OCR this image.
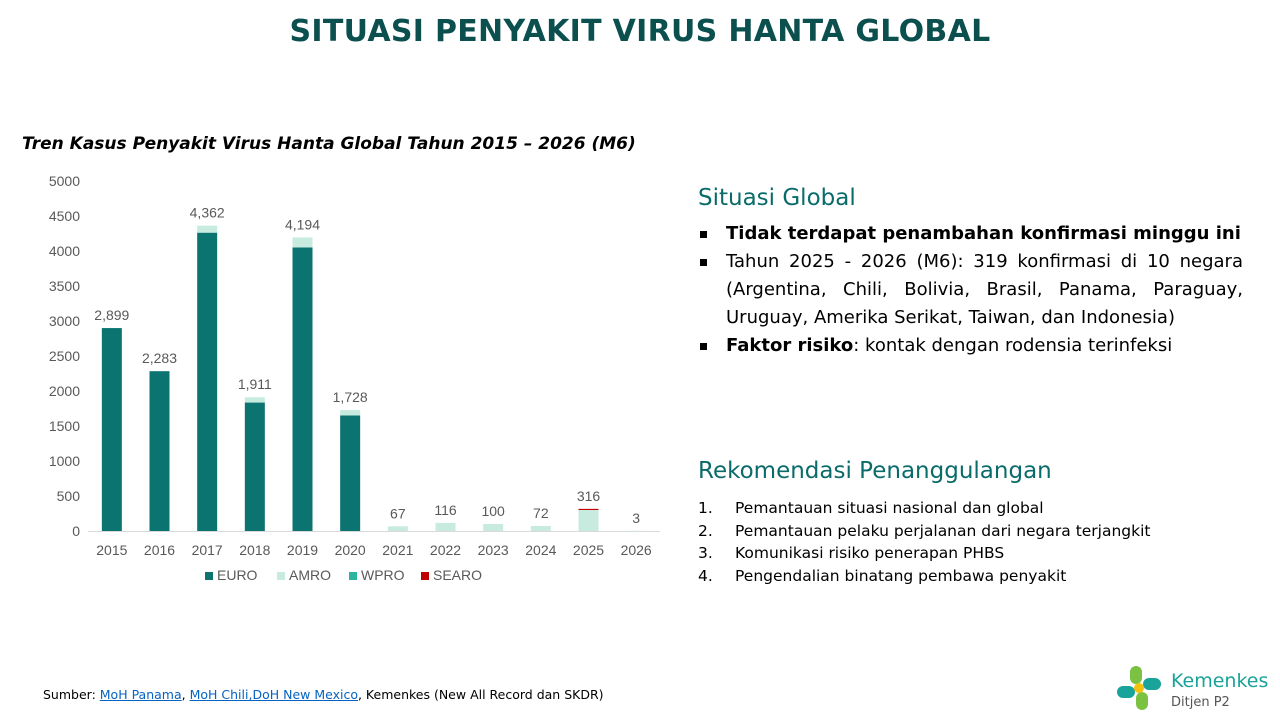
SITUASI PENYAKIT VIRUS HANTA GLOBAL
Tren Kasus Penyakit Virus Hanta Global Tahun 2015 – 2026 (M6)
5000
4500
4000
3500
3000
2500
2000
1500
1000
500
0
2,899
2015
2,283
2016
4,362
2017
1,911
2018
4,194
2019
1,728
2020
67
2021
116
2022
100
2023
72
2024
316
2025
3
2026
EURO AMRO WPRO SEARO
Situasi Global
Tidak terdapat penambahan konfirmasi minggu ini
Tahun 2025 - 2026 (M6): 319 konfirmasi di 10 negara (Argentina, Chili, Bolivia, Brasil, Panama, Paraguay, Uruguay, Amerika Serikat, Taiwan, dan Indonesia)
Faktor risiko: kontak dengan rodensia terinfeksi
Rekomendasi Penanggulangan
1.	Pemantauan situasi nasional dan global
2.	Pemantauan pelaku perjalanan dari negara terjangkit
3.	Komunikasi risiko penerapan PHBS
4.	Pengendalian binatang pembawa penyakit
Sumber: MoH Panama, MoH Chili,DoH New Mexico, Kemenkes (New All Record dan SKDR)
Kemenkes
Ditjen P2
